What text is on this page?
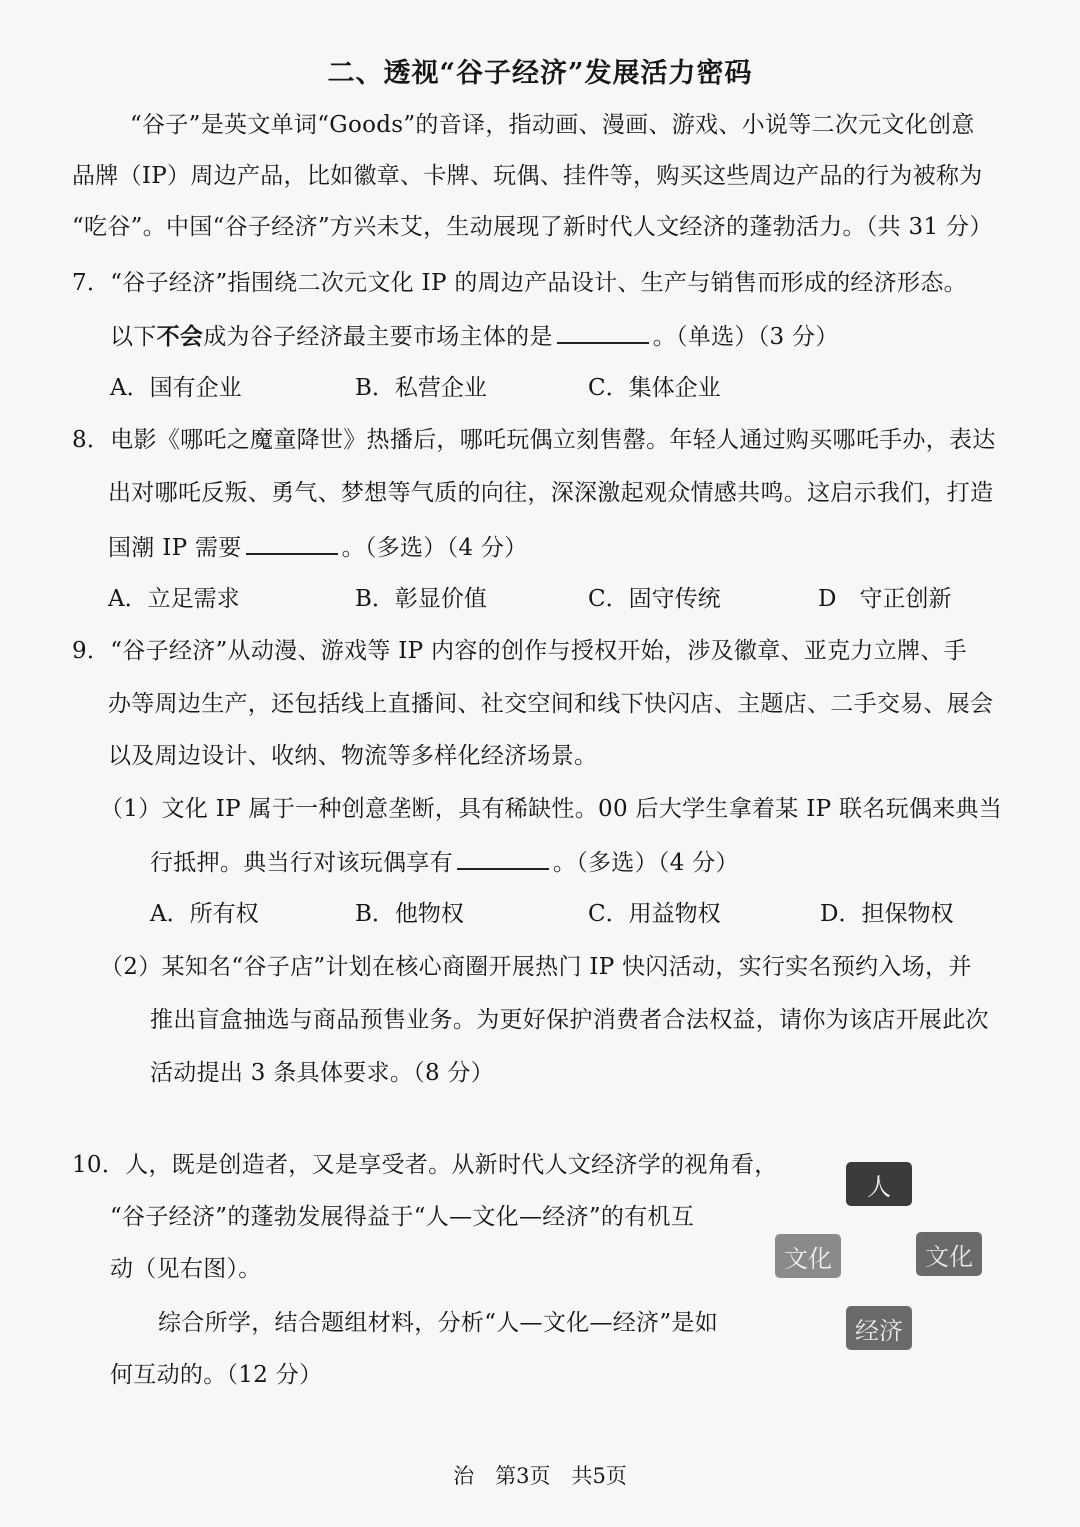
二、透视“谷子经济”发展活力密码
“谷子”是英文单词“Goods”的音译，指动画、漫画、游戏、小说等二次元文化创意
品牌（IP）周边产品，比如徽章、卡牌、玩偶、挂件等，购买这些周边产品的行为被称为
“吃谷”。中国“谷子经济”方兴未艾，生动展现了新时代人文经济的蓬勃活力。（共 31 分）
7．“谷子经济”指围绕二次元文化 IP 的周边产品设计、生产与销售而形成的经济形态。
以下不会成为谷子经济最主要市场主体的是	。（单选）（3 分）
A．国有企业	B．私营企业	C．集体企业
8．电影《哪吒之魔童降世》热播后，哪吒玩偶立刻售罄。年轻人通过购买哪吒手办，表达
出对哪吒反叛、勇气、梦想等气质的向往，深深激起观众情感共鸣。这启示我们，打造
国潮 IP 需要	。（多选）（4 分）
A．立足需求	B．彰显价值	C．固守传统	D　守正创新
9．“谷子经济”从动漫、游戏等 IP 内容的创作与授权开始，涉及徽章、亚克力立牌、手
办等周边生产，还包括线上直播间、社交空间和线下快闪店、主题店、二手交易、展会
以及周边设计、收纳、物流等多样化经济场景。
（1）文化 IP 属于一种创意垄断，具有稀缺性。00 后大学生拿着某 IP 联名玩偶来典当
行抵押。典当行对该玩偶享有	。（多选）（4 分）
A．所有权	B．他物权	C．用益物权	D．担保物权
（2）某知名“谷子店”计划在核心商圈开展热门 IP 快闪活动，实行实名预约入场，并
推出盲盒抽选与商品预售业务。为更好保护消费者合法权益，请你为该店开展此次
活动提出 3 条具体要求。（8 分）
10．人，既是创造者，又是享受者。从新时代人文经济学的视角看，
“谷子经济”的蓬勃发展得益于“人—文化—经济”的有机互
动（见右图）。
综合所学，结合题组材料，分析“人—文化—经济”是如
何互动的。（12 分）
人
文化	文化
经济
治　第3页　共5页
